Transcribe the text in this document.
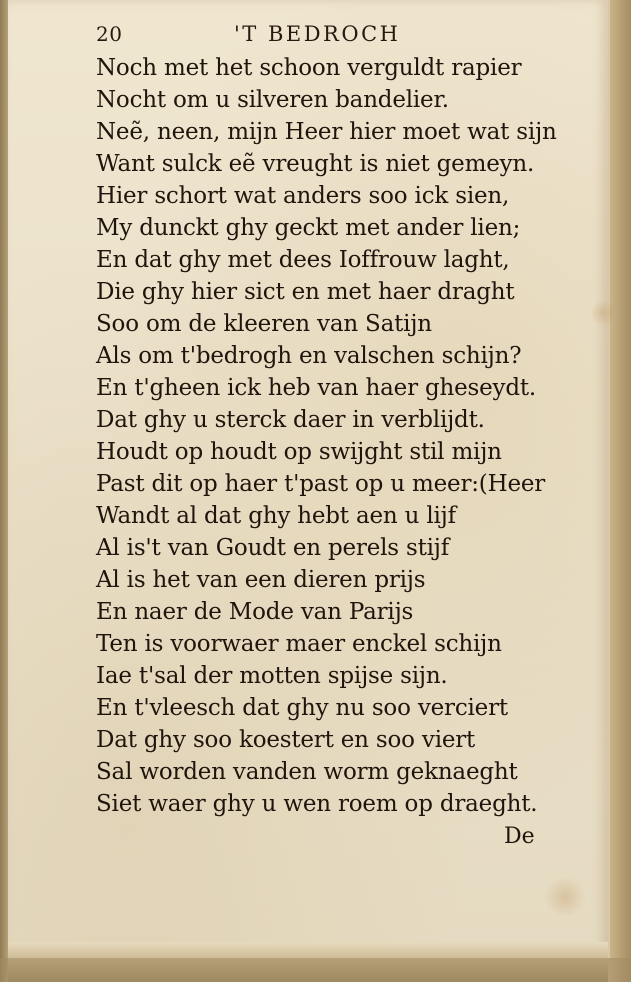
20	'T BEDROCH
Noch met het schoon verguldt rapier
Nocht om u silveren bandelier.
Neẽ, neen, mijn Heer hier moet wat sijn
Want sulck eẽ vreught is niet gemeyn.
Hier schort wat anders soo ick sien,
My dunckt ghy geckt met ander lien;
En dat ghy met dees Ioffrouw laght,
Die ghy hier sict en met haer draght
Soo om de kleeren van Satijn
Als om t'bedrogh en valschen schijn?
En t'gheen ick heb van haer gheseydt.
Dat ghy u sterck daer in verblijdt.
Houdt op houdt op swijght stil mijn
Past dit op haer t'past op u meer:(Heer
Wandt al dat ghy hebt aen u lijf
Al is't van Goudt en perels stijf
Al is het van een dieren prijs
En naer de Mode van Parijs
Ten is voorwaer maer enckel schijn
Iae t'sal der motten spijse sijn.
En t'vleesch dat ghy nu soo verciert
Dat ghy soo koestert en soo viert
Sal worden vanden worm geknaeght
Siet waer ghy u wen roem op draeght.
De
